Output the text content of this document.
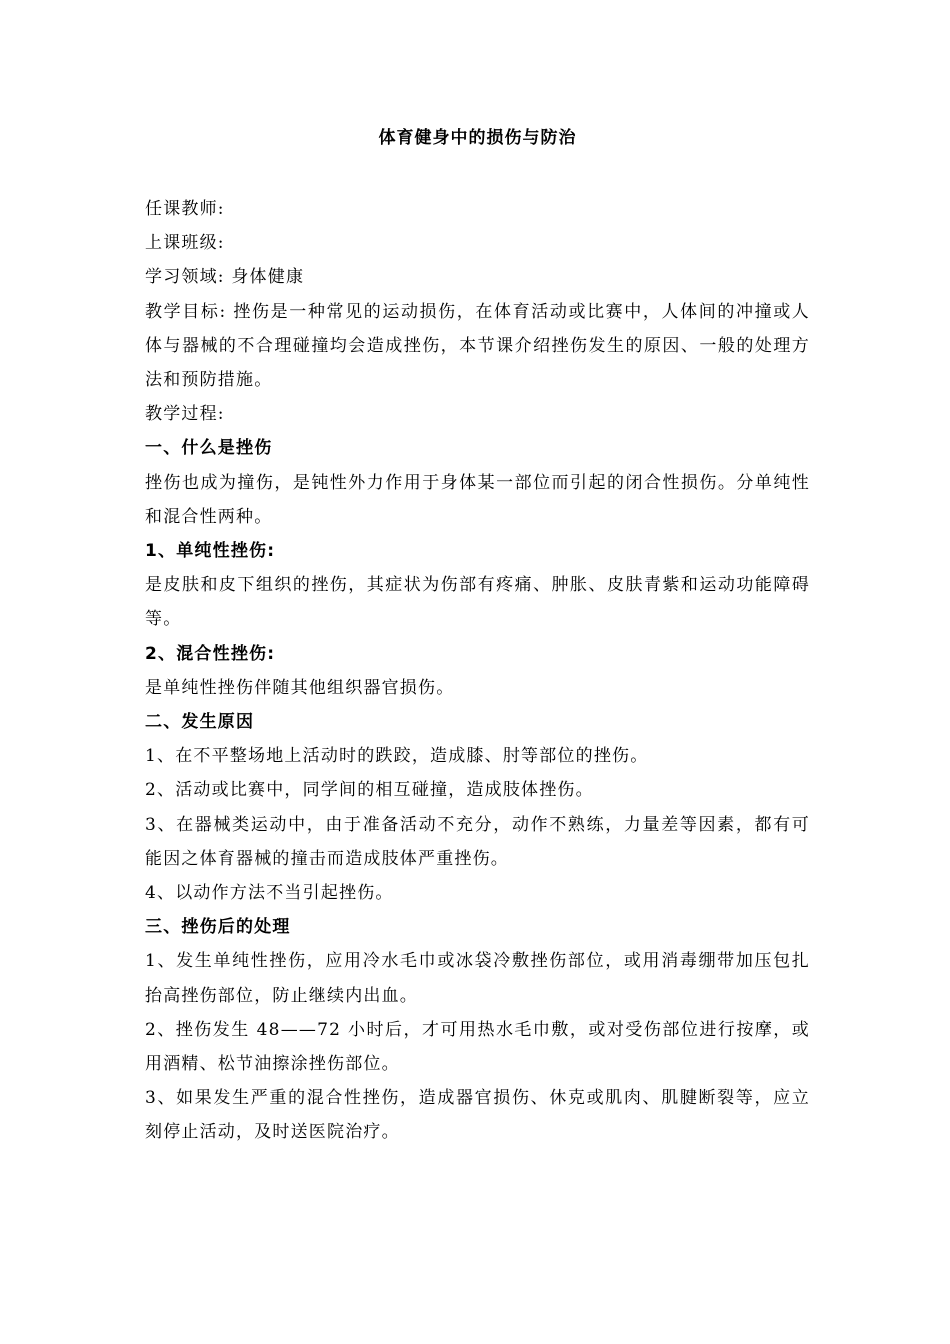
体育健身中的损伤与防治

任课教师:

上课班级:

学习领域: 身体健康

教学目标: 挫伤是一种常见的运动损伤，在体育活动或比赛中，人体间的冲撞或人体与器械的不合理碰撞均会造成挫伤，本节课介绍挫伤发生的原因、一般的处理方法和预防措施。

教学过程:

一、什么是挫伤

挫伤也成为撞伤，是钝性外力作用于身体某一部位而引起的闭合性损伤。分单纯性和混合性两种。

1、单纯性挫伤:

是皮肤和皮下组织的挫伤，其症状为伤部有疼痛、肿胀、皮肤青紫和运动功能障碍等。

2、混合性挫伤:

是单纯性挫伤伴随其他组织器官损伤。

二、发生原因

1、在不平整场地上活动时的跌跤，造成膝、肘等部位的挫伤。

2、活动或比赛中，同学间的相互碰撞，造成肢体挫伤。

3、在器械类运动中，由于准备活动不充分，动作不熟练，力量差等因素，都有可能因之体育器械的撞击而造成肢体严重挫伤。

4、以动作方法不当引起挫伤。

三、挫伤后的处理

1、发生单纯性挫伤，应用冷水毛巾或冰袋冷敷挫伤部位，或用消毒绷带加压包扎抬高挫伤部位，防止继续内出血。

2、挫伤发生 48——72 小时后，才可用热水毛巾敷，或对受伤部位进行按摩，或用酒精、松节油擦涂挫伤部位。

3、如果发生严重的混合性挫伤，造成器官损伤、休克或肌肉、肌腱断裂等，应立刻停止活动，及时送医院治疗。
